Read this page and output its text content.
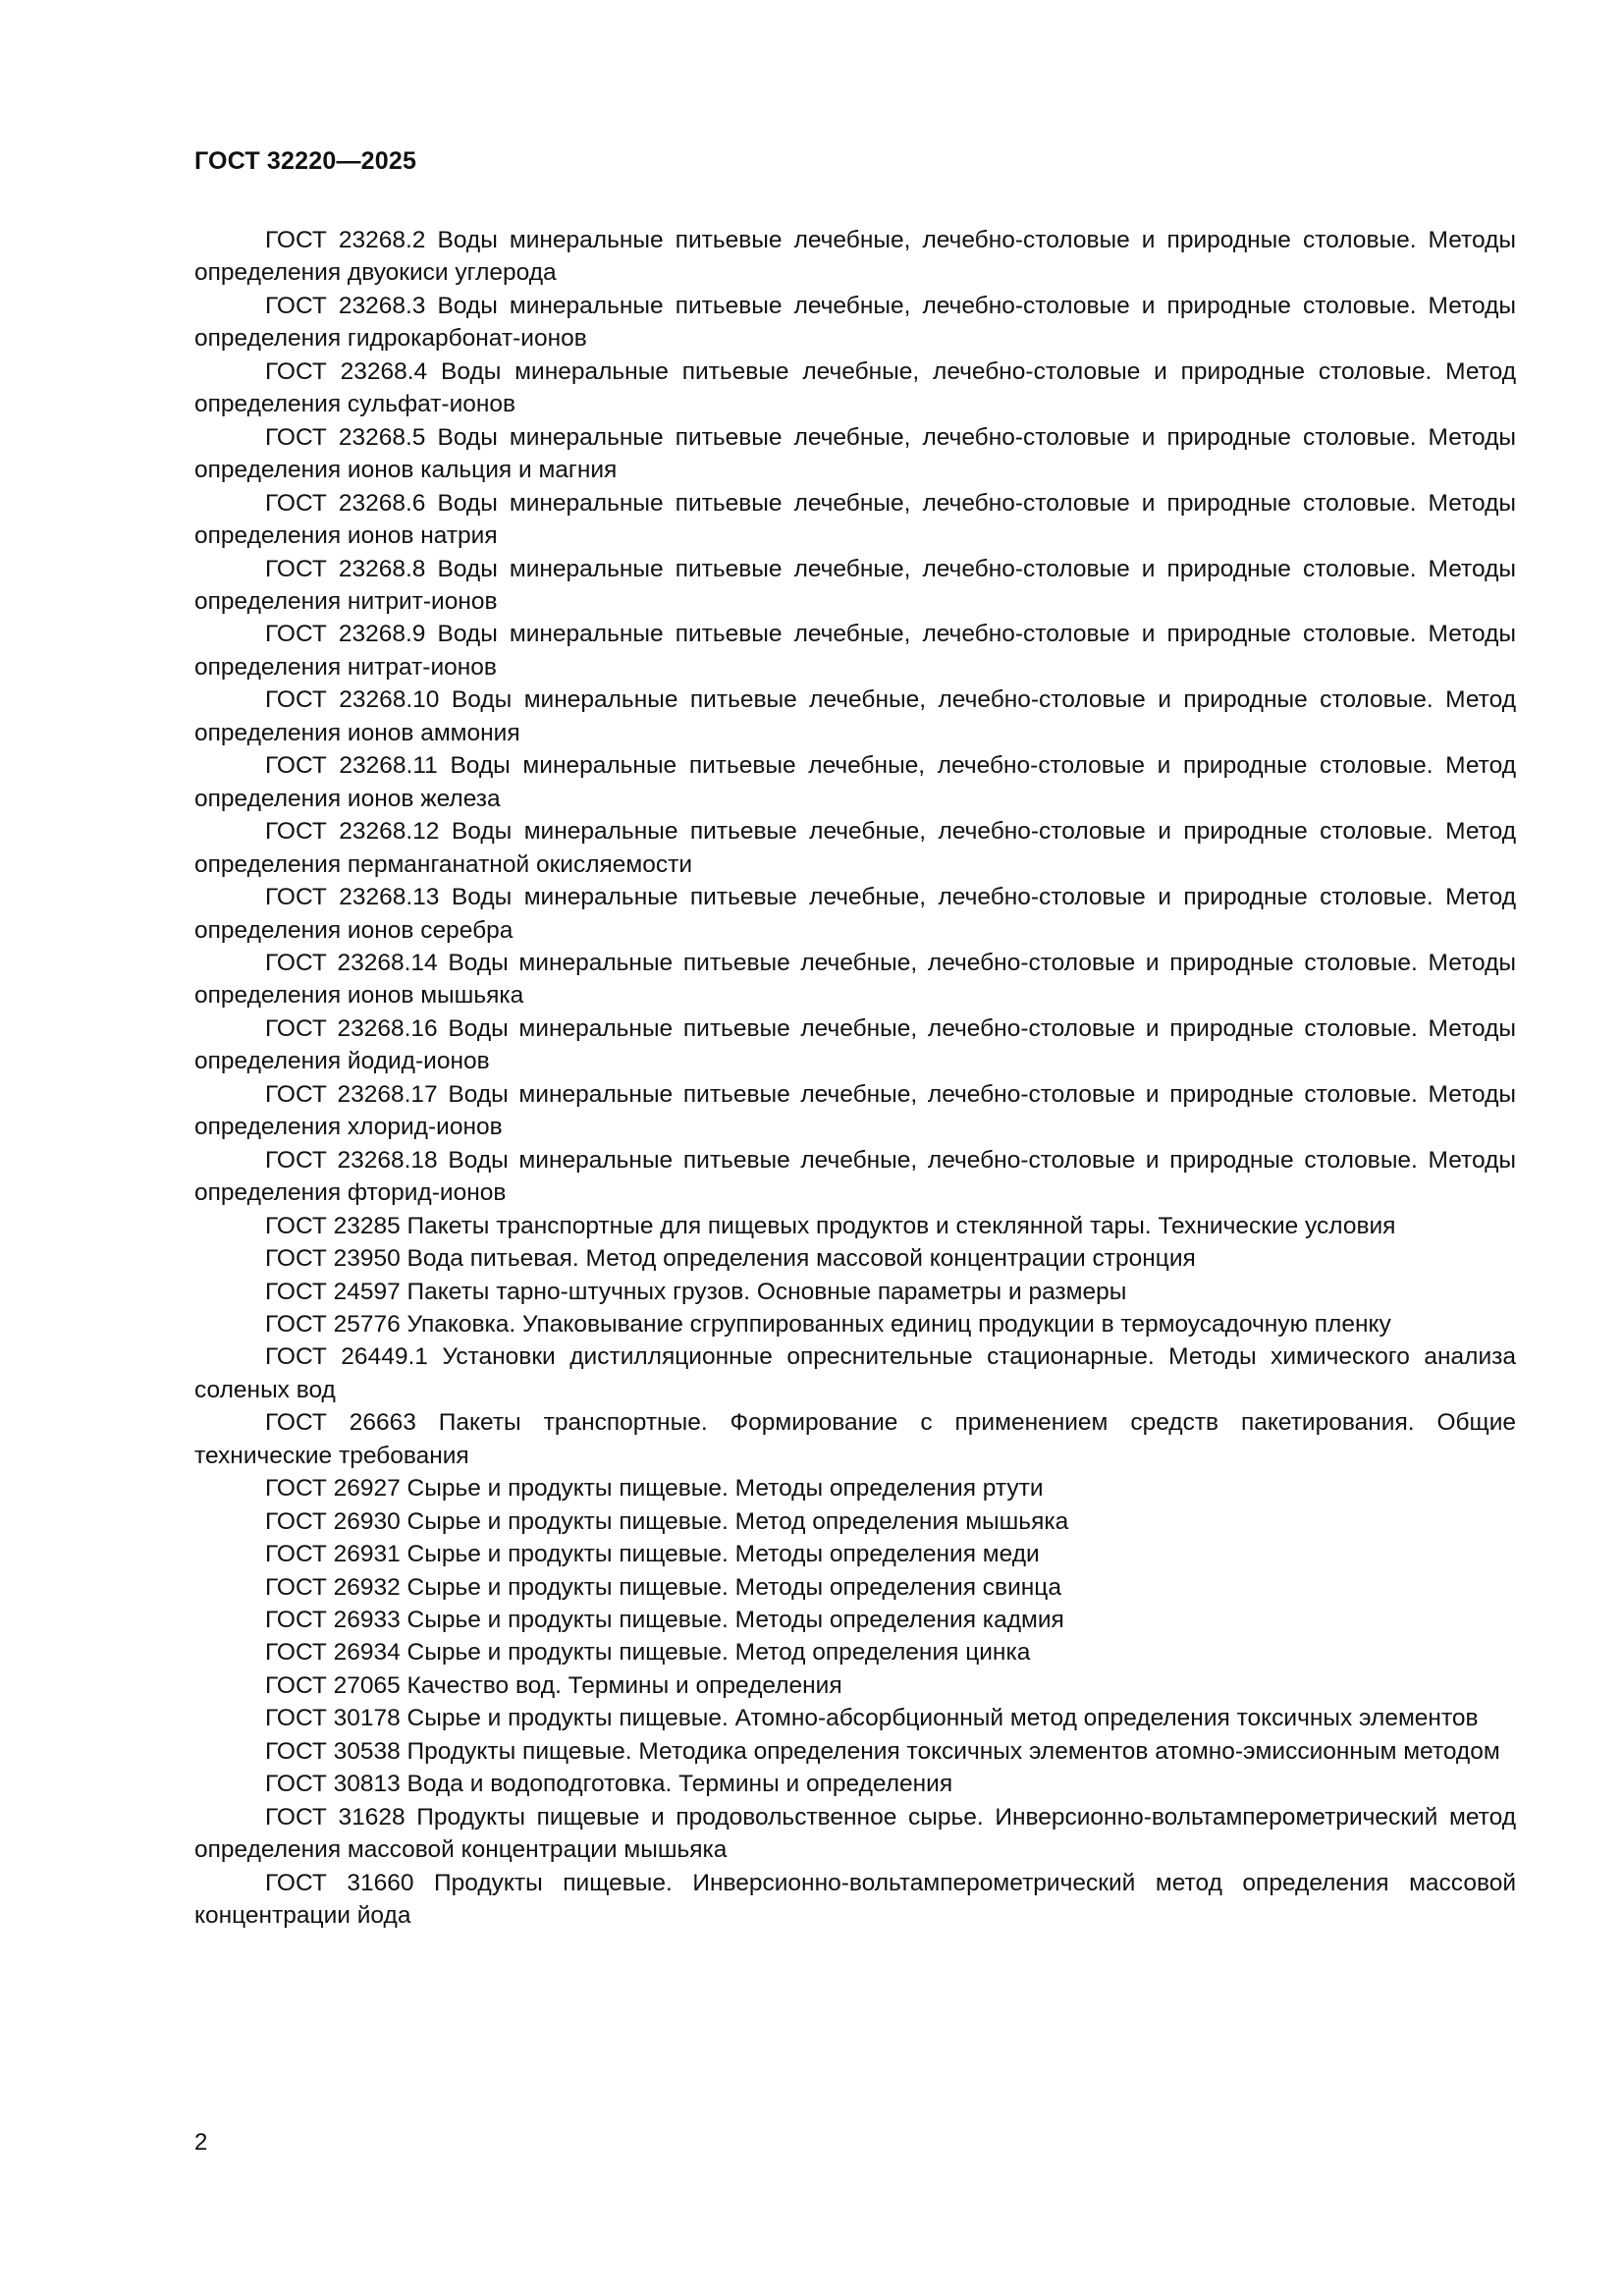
ГОСТ 32220—2025

ГОСТ 23268.2 Воды минеральные питьевые лечебные, лечебно-столовые и природные столовые. Методы определения двуокиси углерода

ГОСТ 23268.3 Воды минеральные питьевые лечебные, лечебно-столовые и природные столовые. Методы определения гидрокарбонат-ионов

ГОСТ 23268.4 Воды минеральные питьевые лечебные, лечебно-столовые и природные столовые. Метод определения сульфат-ионов

ГОСТ 23268.5 Воды минеральные питьевые лечебные, лечебно-столовые и природные столовые. Методы определения ионов кальция и магния

ГОСТ 23268.6 Воды минеральные питьевые лечебные, лечебно-столовые и природные столовые. Методы определения ионов натрия

ГОСТ 23268.8 Воды минеральные питьевые лечебные, лечебно-столовые и природные столовые. Методы определения нитрит-ионов

ГОСТ 23268.9 Воды минеральные питьевые лечебные, лечебно-столовые и природные столовые. Методы определения нитрат-ионов

ГОСТ 23268.10 Воды минеральные питьевые лечебные, лечебно-столовые и природные столовые. Метод определения ионов аммония

ГОСТ 23268.11 Воды минеральные питьевые лечебные, лечебно-столовые и природные столовые. Метод определения ионов железа

ГОСТ 23268.12 Воды минеральные питьевые лечебные, лечебно-столовые и природные столовые. Метод определения перманганатной окисляемости

ГОСТ 23268.13 Воды минеральные питьевые лечебные, лечебно-столовые и природные столовые. Метод определения ионов серебра

ГОСТ 23268.14 Воды минеральные питьевые лечебные, лечебно-столовые и природные столовые. Методы определения ионов мышьяка

ГОСТ 23268.16 Воды минеральные питьевые лечебные, лечебно-столовые и природные столовые. Методы определения йодид-ионов

ГОСТ 23268.17 Воды минеральные питьевые лечебные, лечебно-столовые и природные столовые. Методы определения хлорид-ионов

ГОСТ 23268.18 Воды минеральные питьевые лечебные, лечебно-столовые и природные столовые. Методы определения фторид-ионов

ГОСТ 23285 Пакеты транспортные для пищевых продуктов и стеклянной тары. Технические условия

ГОСТ 23950 Вода питьевая. Метод определения массовой концентрации стронция

ГОСТ 24597 Пакеты тарно-штучных грузов. Основные параметры и размеры

ГОСТ 25776 Упаковка. Упаковывание сгруппированных единиц продукции в термоусадочную пленку

ГОСТ 26449.1 Установки дистилляционные опреснительные стационарные. Методы химического анализа соленых вод

ГОСТ 26663 Пакеты транспортные. Формирование с применением средств пакетирования. Общие технические требования

ГОСТ 26927 Сырье и продукты пищевые. Методы определения ртути

ГОСТ 26930 Сырье и продукты пищевые. Метод определения мышьяка

ГОСТ 26931 Сырье и продукты пищевые. Методы определения меди

ГОСТ 26932 Сырье и продукты пищевые. Методы определения свинца

ГОСТ 26933 Сырье и продукты пищевые. Методы определения кадмия

ГОСТ 26934 Сырье и продукты пищевые. Метод определения цинка

ГОСТ 27065 Качество вод. Термины и определения

ГОСТ 30178 Сырье и продукты пищевые. Атомно-абсорбционный метод определения токсичных элементов

ГОСТ 30538 Продукты пищевые. Методика определения токсичных элементов атомно-эмиссионным методом

ГОСТ 30813 Вода и водоподготовка. Термины и определения

ГОСТ 31628 Продукты пищевые и продовольственное сырье. Инверсионно-вольтамперометрический метод определения массовой концентрации мышьяка

ГОСТ 31660 Продукты пищевые. Инверсионно-вольтамперометрический метод определения массовой концентрации йода

2
